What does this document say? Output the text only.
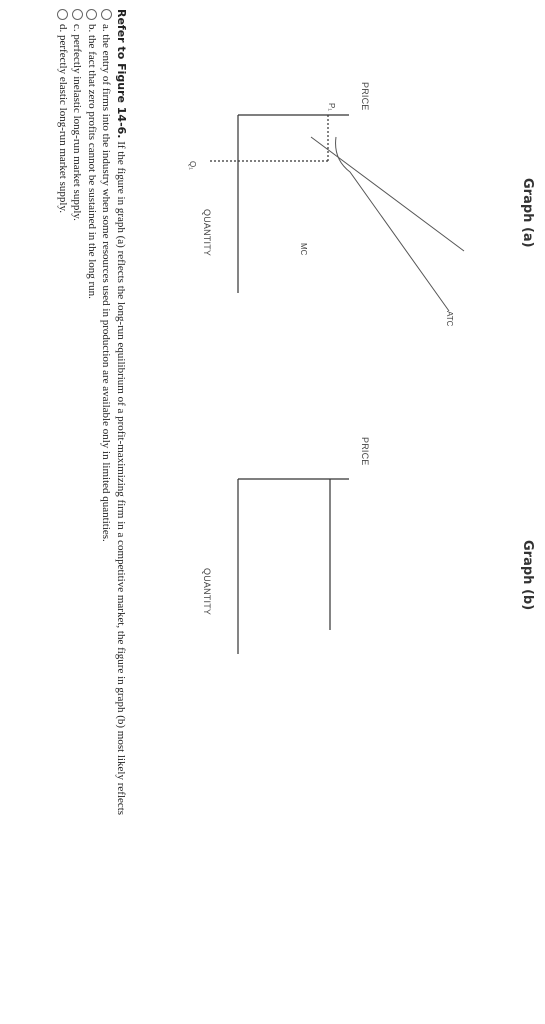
Graph (a)
PRICE
QUANTITY
P₁
Q₁
MC
ATC
Graph (b)
PRICE
QUANTITY
Refer to Figure 14-6. If the figure in graph (a) reflects the long-run equilibrium of a profit-maximizing firm in a competitive market, the figure in graph (b) most likely reflects
a. the entry of firms into the industry when some resources used in production are available only in limited quantities.
b. the fact that zero profits cannot be sustained in the long run.
c. perfectly inelastic long-run market supply.
d. perfectly elastic long-run market supply.
